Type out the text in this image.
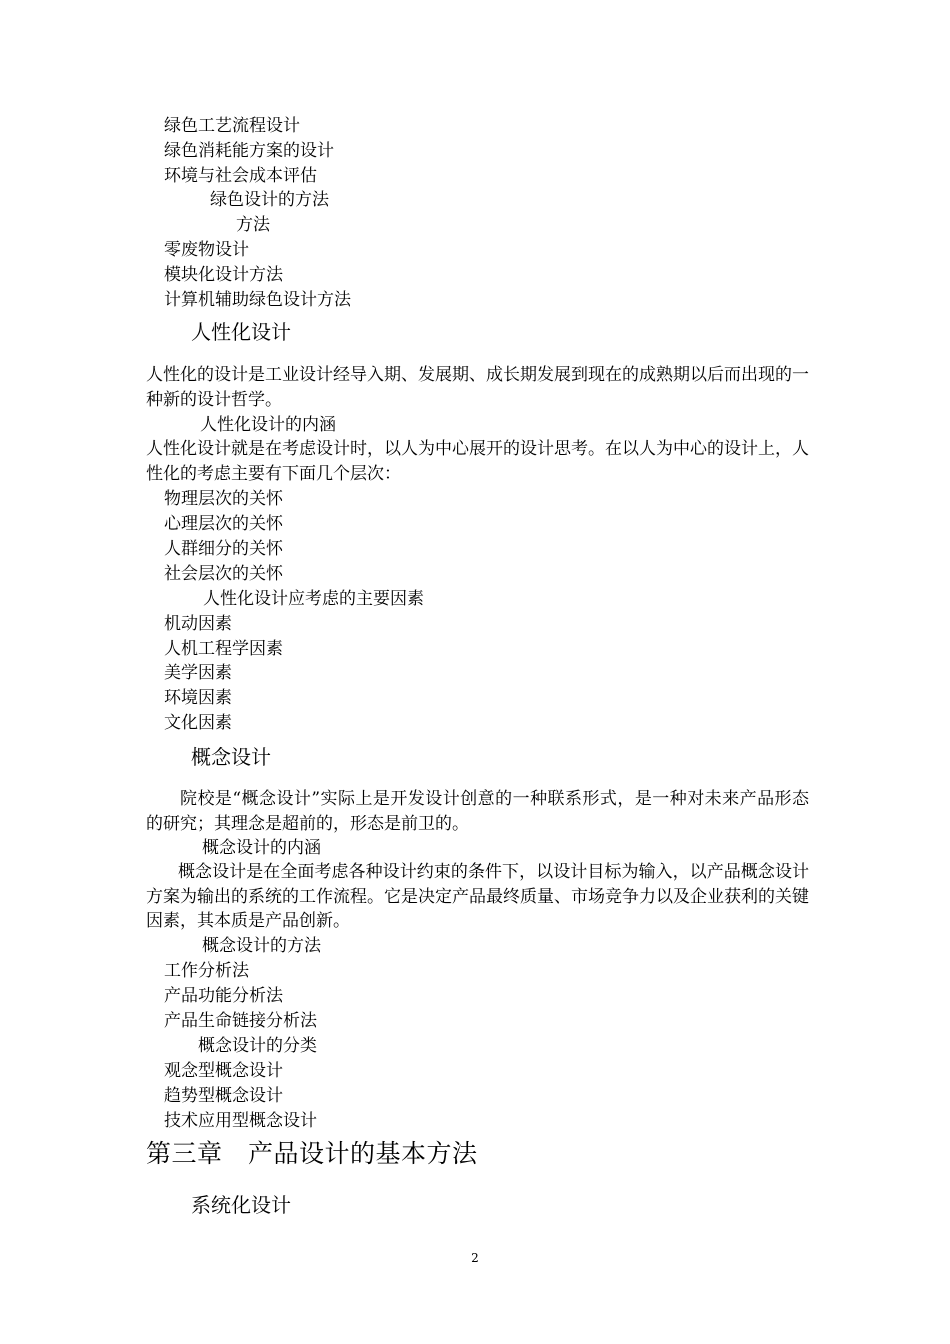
绿色工艺流程设计
绿色消耗能方案的设计
环境与社会成本评估
绿色设计的方法
方法
零废物设计
模块化设计方法
计算机辅助绿色设计方法
人性化设计
人性化的设计是工业设计经导入期、发展期、成长期发展到现在的成熟期以后而出现的一种新的设计哲学。
人性化设计的内涵
人性化设计就是在考虑设计时，以人为中心展开的设计思考。在以人为中心的设计上，人性化的考虑主要有下面几个层次：
物理层次的关怀
心理层次的关怀
人群细分的关怀
社会层次的关怀
人性化设计应考虑的主要因素
机动因素
人机工程学因素
美学因素
环境因素
文化因素
概念设计
院校是“概念设计”实际上是开发设计创意的一种联系形式，是一种对未来产品形态的研究；其理念是超前的，形态是前卫的。
概念设计的内涵
概念设计是在全面考虑各种设计约束的条件下，以设计目标为输入，以产品概念设计方案为输出的系统的工作流程。它是决定产品最终质量、市场竞争力以及企业获利的关键因素，其本质是产品创新。
概念设计的方法
工作分析法
产品功能分析法
产品生命链接分析法
概念设计的分类
观念型概念设计
趋势型概念设计
技术应用型概念设计
第三章　产品设计的基本方法
系统化设计
2
